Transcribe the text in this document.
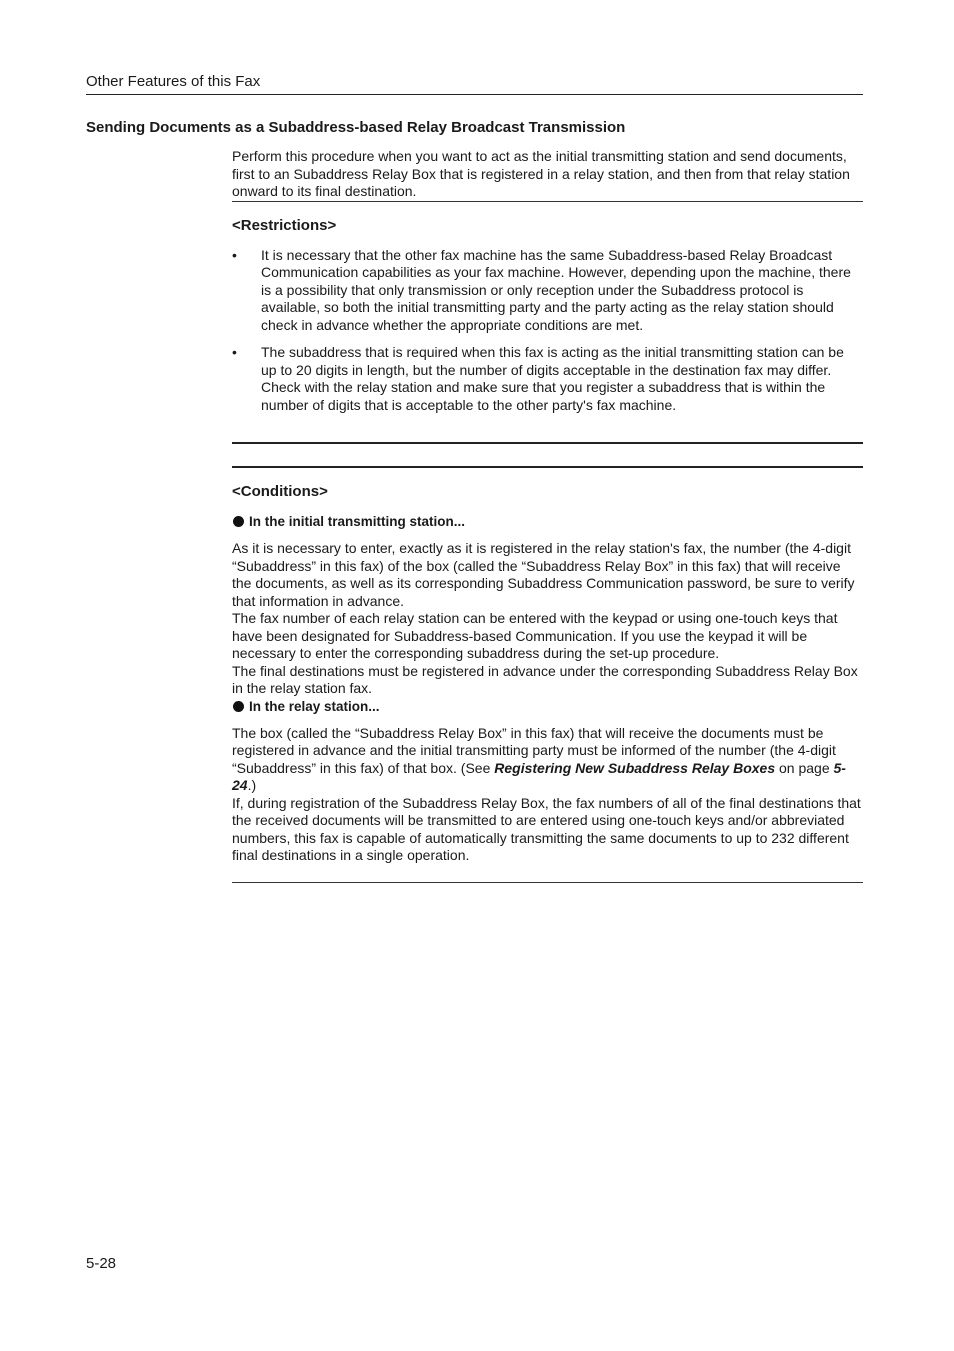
Other Features of this Fax
Sending Documents as a Subaddress-based Relay Broadcast Transmission

Perform this procedure when you want to act as the initial transmitting station and send documents, first to an Subaddress Relay Box that is registered in a relay station, and then from that relay station onward to its final destination.

<Restrictions>
• It is necessary that the other fax machine has the same Subaddress-based Relay Broadcast Communication capabilities as your fax machine. However, depending upon the machine, there is a possibility that only transmission or only reception under the Subaddress protocol is available, so both the initial transmitting party and the party acting as the relay station should check in advance whether the appropriate conditions are met.
• The subaddress that is required when this fax is acting as the initial transmitting station can be up to 20 digits in length, but the number of digits acceptable in the destination fax may differ. Check with the relay station and make sure that you register a subaddress that is within the number of digits that is acceptable to the other party's fax machine.
<Conditions>
In the initial transmitting station...

As it is necessary to enter, exactly as it is registered in the relay station's fax, the number (the 4-digit “Subaddress” in this fax) of the box (called the “Subaddress Relay Box” in this fax) that will receive the documents, as well as its corresponding Subaddress Communication password, be sure to verify that information in advance.

The fax number of each relay station can be entered with the keypad or using one-touch keys that have been designated for Subaddress-based Communication. If you use the keypad it will be necessary to enter the corresponding subaddress during the set-up procedure.

The final destinations must be registered in advance under the corresponding Subaddress Relay Box in the relay station fax.

In the relay station...

The box (called the “Subaddress Relay Box” in this fax) that will receive the documents must be registered in advance and the initial transmitting party must be informed of the number (the 4-digit “Subaddress” in this fax) of that box. (See Registering New Subaddress Relay Boxes on page 5-24.)

If, during registration of the Subaddress Relay Box, the fax numbers of all of the final destinations that the received documents will be transmitted to are entered using one-touch keys and/or abbreviated numbers, this fax is capable of automatically transmitting the same documents to up to 232 different final destinations in a single operation.

5-28
